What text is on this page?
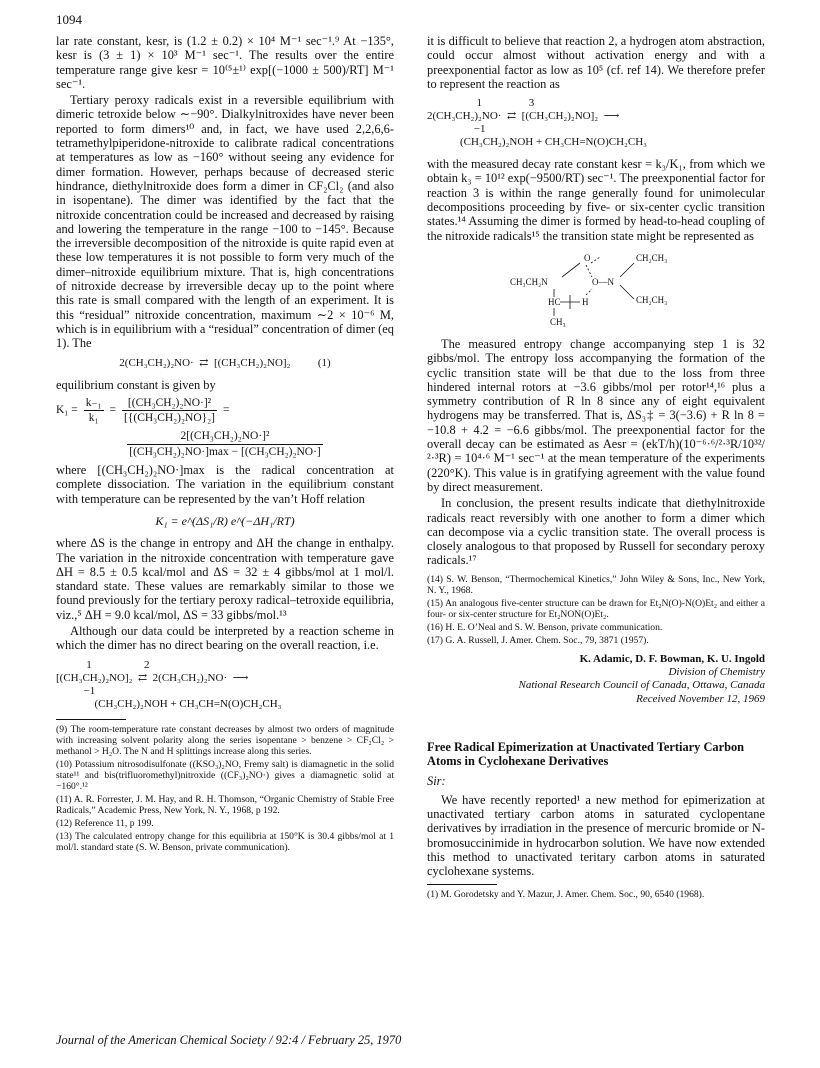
1094

lar rate constant, kesr, is (1.2 ± 0.2) × 10⁴ M⁻¹ sec⁻¹.⁹ At −135°, kesr is (3 ± 1) × 10³ M⁻¹ sec⁻¹. The results over the entire temperature range give kesr = 10⁽⁵±¹⁾ exp[(−1000 ± 500)/RT] M⁻¹ sec⁻¹.

Tertiary peroxy radicals exist in a reversible equilibrium with dimeric tetroxide below ∼−90°. Dialkylnitroxides have never been reported to form dimers¹⁰ and, in fact, we have used 2,2,6,6-tetramethylpiperidone-nitroxide to calibrate radical concentrations at temperatures as low as −160° without seeing any evidence for dimer formation. However, perhaps because of decreased steric hindrance, diethylnitroxide does form a dimer in CF₂Cl₂ (and also in isopentane). The dimer was identified by the fact that the nitroxide concentration could be increased and decreased by raising and lowering the temperature in the range −100 to −145°. Because the irreversible decomposition of the nitroxide is quite rapid even at these low temperatures it is not possible to form very much of the dimer–nitroxide equilibrium mixture. That is, high concentrations of nitroxide decrease by irreversible decay up to the point where this rate is small compared with the length of an experiment. It is this “residual” nitroxide concentration, maximum ∼2 × 10⁻⁶ M, which is in equilibrium with a “residual” concentration of dimer (eq 1). The

2(CH₃CH₂)₂NO·  ⇄  [(CH₃CH₂)₂NO]₂          (1)

equilibrium constant is given by

$K_1 = \frac{\text{k₋₁}}{\text{k₁}} = \frac{\text{[(CH₃CH₂)₂NO·]²}}{\text{[\{(CH₃CH₂)₂NO\}₂]}}$ =
$\frac{\text{2[(CH₃CH₂)₂NO·]²}}{\text{[(CH₃CH₂)₂NO·]max − [(CH₃CH₂)₂NO·]}}$

where [(CH₃CH₂)₂NO·]max is the radical concentration at complete dissociation. The variation in the equilibrium constant with temperature can be represented by the van’t Hoff relation

K₁ = e^(ΔS₁/R) e^(−ΔH₁/RT)

where ΔS is the change in entropy and ΔH the change in enthalpy. The variation in the nitroxide concentration with temperature gave ΔH = 8.5 ± 0.5 kcal/mol and ΔS = 32 ± 4 gibbs/mol at 1 mol/l. standard state. These values are remarkably similar to those we found previously for the tertiary peroxy radical–tetroxide equilibria, viz.,⁵ ΔH = 9.0 kcal/mol, ΔS = 33 gibbs/mol.¹³

Although our data could be interpreted by a reaction scheme in which the dimer has no direct bearing on the overall reaction, i.e.

1                   2
[(CH₃CH₂)₂NO]₂  ⇄  2(CH₃CH₂)₂NO·  ⟶
−1
(CH₃CH₂)₂NOH + CH₃CH=N(O)CH₂CH₃

(9) The room-temperature rate constant decreases by almost two orders of magnitude with increasing solvent polarity along the series isopentane > benzene > CF₂Cl₂ > methanol > H₂O. The N and H splittings increase along this series.

(10) Potassium nitrosodisulfonate ((KSO₃)₂NO, Fremy salt) is diamagnetic in the solid state¹¹ and bis(trifluoromethyl)nitroxide ((CF₃)₂NO·) gives a diamagnetic solid at −160°.¹²

(11) A. R. Forrester, J. M. Hay, and R. H. Thomson, “Organic Chemistry of Stable Free Radicals,” Academic Press, New York, N. Y., 1968, p 192.

(12) Reference 11, p 199.

(13) The calculated entropy change for this equilibria at 150°K is 30.4 gibbs/mol at 1 mol/l. standard state (S. W. Benson, private communication).

it is difficult to believe that reaction 2, a hydrogen atom abstraction, could occur almost without activation energy and with a preexponential factor as low as 10⁵ (cf. ref 14). We therefore prefer to represent the reaction as

1                 3
2(CH₃CH₂)₂NO·  ⇄  [(CH₃CH₂)₂NO]₂  ⟶
−1
(CH₃CH₂)₂NOH + CH₃CH=N(O)CH₂CH₃

with the measured decay rate constant kesr = k₃/K₁, from which we obtain k₃ = 10¹² exp(−9500/RT) sec⁻¹. The preexponential factor for reaction 3 is within the range generally found for unimolecular decompositions proceeding by five- or six-center cyclic transition states.¹⁴ Assuming the dimer is formed by head-to-head coupling of the nitroxide radicals¹⁵ the transition state might be represented as

O	CH₂CH₃
CH₃CH₂N	O—N
HC H	CH₂CH₃
CH₃

The measured entropy change accompanying step 1 is 32 gibbs/mol. The entropy loss accompanying the formation of the cyclic transition state will be that due to the loss from three hindered internal rotors at −3.6 gibbs/mol per rotor¹⁴,¹⁶ plus a symmetry contribution of R ln 8 since any of eight equivalent hydrogens may be transferred. That is, ΔS₃‡ = 3(−3.6) + R ln 8 = −10.8 + 4.2 = −6.6 gibbs/mol. The preexponential factor for the overall decay can be estimated as Aesr = (ekT/h)(10⁻⁶·⁶/²·³R/10³²/²·³R) = 10⁴·⁶ M⁻¹ sec⁻¹ at the mean temperature of the experiments (220°K). This value is in gratifying agreement with the value found by direct measurement.

In conclusion, the present results indicate that diethylnitroxide radicals react reversibly with one another to form a dimer which can decompose via a cyclic transition state. The overall process is closely analogous to that proposed by Russell for secondary peroxy radicals.¹⁷

(14) S. W. Benson, “Thermochemical Kinetics,” John Wiley & Sons, Inc., New York, N. Y., 1968.

(15) An analogous five-center structure can be drawn for Et₂N(O)-N(O)Et₂ and either a four- or six-center structure for Et₂NON(O)Et₂.

(16) H. E. O’Neal and S. W. Benson, private communication.

(17) G. A. Russell, J. Amer. Chem. Soc., 79, 3871 (1957).

K. Adamic, D. F. Bowman, K. U. Ingold
Division of Chemistry
National Research Council of Canada, Ottawa, Canada
Received November 12, 1969
Free Radical Epimerization at Unactivated Tertiary Carbon Atoms in Cyclohexane Derivatives
Sir:

We have recently reported¹ a new method for epimerization at unactivated tertiary carbon atoms in saturated cyclopentane derivatives by irradiation in the presence of mercuric bromide or N-bromosuccinimide in hydrocarbon solution. We have now extended this method to unactivated teritary carbon atoms in saturated cyclohexane systems.

(1) M. Gorodetsky and Y. Mazur, J. Amer. Chem. Soc., 90, 6540 (1968).

Journal of the American Chemical Society / 92:4 / February 25, 1970
